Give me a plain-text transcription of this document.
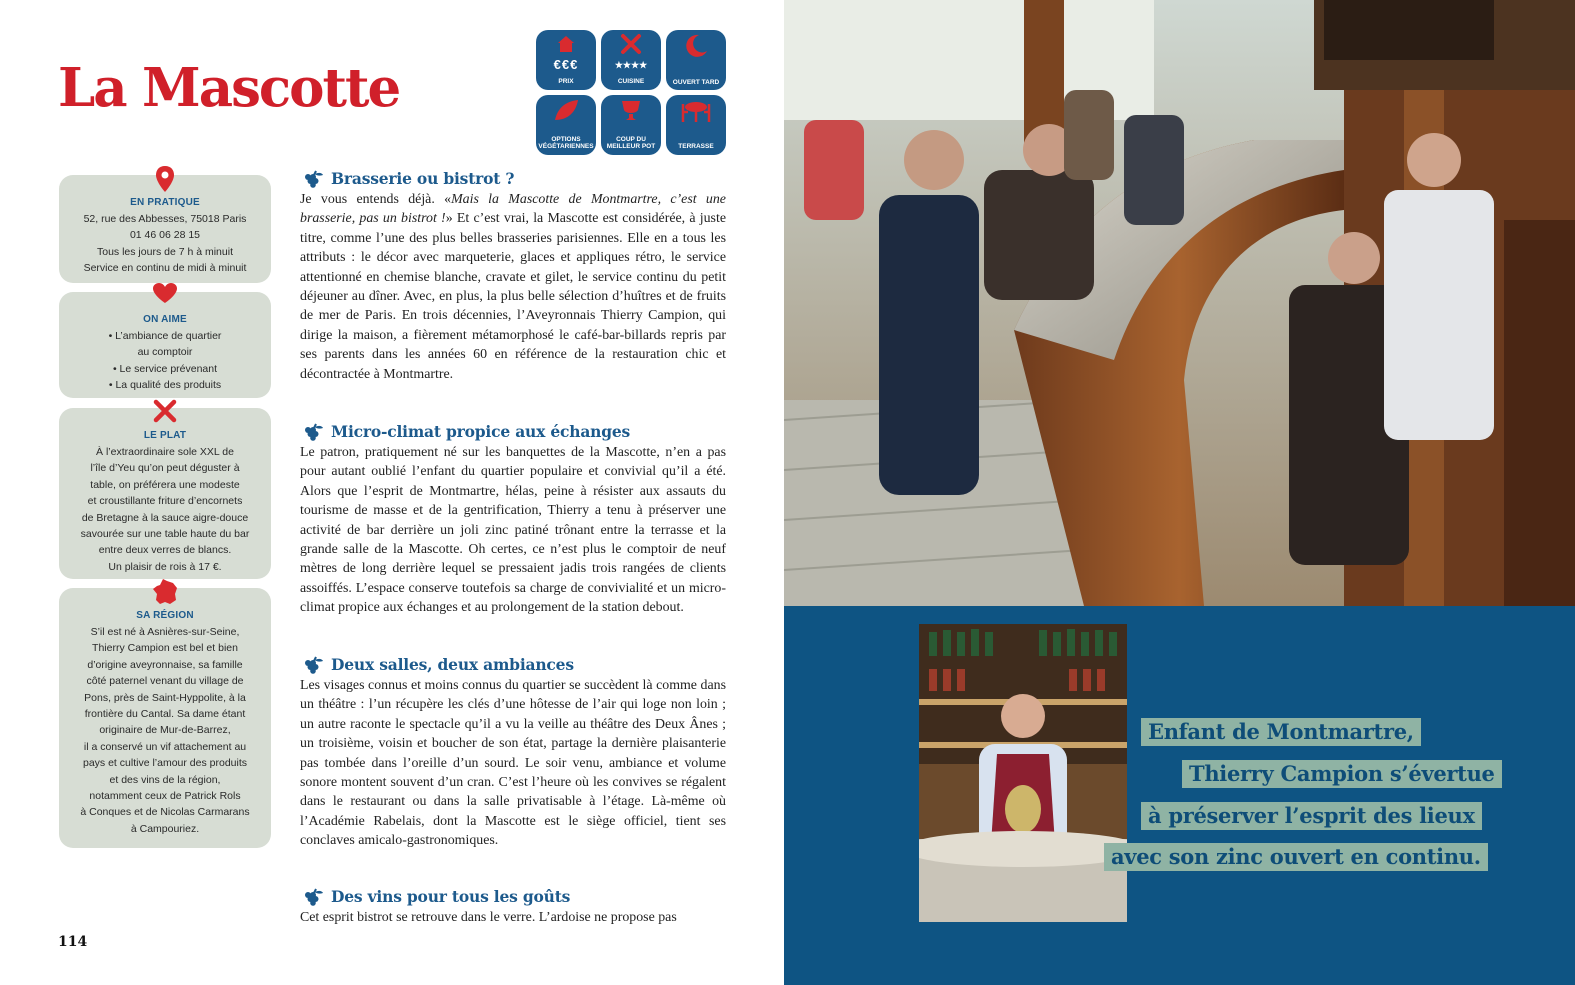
La Mascotte	€€€
PRIX
★★★★
CUISINE	OUVERT TARD
OPTIONS VÉGÉTARIENNES
COUP DU MEILLEUR POT	TERRASSE
EN PRATIQUE
52, rue des Abbesses, 75018 Paris
01 46 06 28 15
Tous les jours de 7 h à minuit
Service en continu de midi à minuit
ON AIME
• L’ambiance de quartier
au comptoir
• Le service prévenant
• La qualité des produits
LE PLAT
À l’extraordinaire sole XXL de
l’île d’Yeu qu’on peut déguster à
table, on préférera une modeste
et croustillante friture d’encornets
de Bretagne à la sauce aigre-douce
savourée sur une table haute du bar
entre deux verres de blancs.
Un plaisir de rois à 17 €.
SA RÉGION
S’il est né à Asnières-sur-Seine,
Thierry Campion est bel et bien
d’origine aveyronnaise, sa famille
côté paternel venant du village de
Pons, près de Saint-Hyppolite, à la
frontière du Cantal. Sa dame étant
originaire de Mur-de-Barrez,
il a conservé un vif attachement au
pays et cultive l’amour des produits
et des vins de la région,
notamment ceux de Patrick Rols
à Conques et de Nicolas Carmarans
à Campouriez.
Brasserie ou bistrot ?

Je vous entends déjà. «Mais la Mascotte de Montmartre, c’est une brasserie, pas un bistrot !» Et c’est vrai, la Mascotte est considérée, à juste titre, comme l’une des plus belles brasseries parisiennes. Elle en a tous les attributs : le décor avec marqueterie, glaces et appliques rétro, le service attentionné en chemise blanche, cravate et gilet, le service continu du petit déjeuner au dîner. Avec, en plus, la plus belle sélection d’huîtres et de fruits de mer de Paris. En trois décennies, l’Aveyronnais Thierry Campion, qui dirige la maison, a fièrement métamorphosé le café-bar-billards repris par ses parents dans les années 60 en référence de la restauration chic et décontractée à Montmartre.

Micro-climat propice aux échanges

Le patron, pratiquement né sur les banquettes de la Mascotte, n’en a pas pour autant oublié l’enfant du quartier populaire et convivial qu’il a été. Alors que l’esprit de Montmartre, hélas, peine à résister aux assauts du tourisme de masse et de la gentrification, Thierry a tenu à préserver une activité de bar derrière un joli zinc patiné trônant entre la terrasse et la grande salle de la Mascotte. Oh certes, ce n’est plus le comptoir de neuf mètres de long derrière lequel se pressaient jadis trois rangées de clients assoiffés. L’espace conserve toutefois sa charge de convivialité et un micro-climat propice aux échanges et au prolongement de la station debout.

Deux salles, deux ambiances

Les visages connus et moins connus du quartier se succèdent là comme dans un théâtre : l’un récupère les clés d’une hôtesse de l’air qui loge non loin ; un autre raconte le spectacle qu’il a vu la veille au théâtre des Deux Ânes ; un troisième, voisin et boucher de son état, partage la dernière plaisanterie pas tombée dans l’oreille d’un sourd. Le soir venu, ambiance et volume sonore montent souvent d’un cran. C’est l’heure où les convives se régalent dans le restaurant ou dans la salle privatisable à l’étage. Là-même où l’Académie Rabelais, dont la Mascotte est le siège officiel, tient ses conclaves amicalo-gastronomiques.

Des vins pour tous les goûts

Cet esprit bistrot se retrouve dans le verre. L’ardoise ne propose pas

114
Enfant de Montmartre,
Thierry Campion s’évertue
à préserver l’esprit des lieux
avec son zinc ouvert en continu.
